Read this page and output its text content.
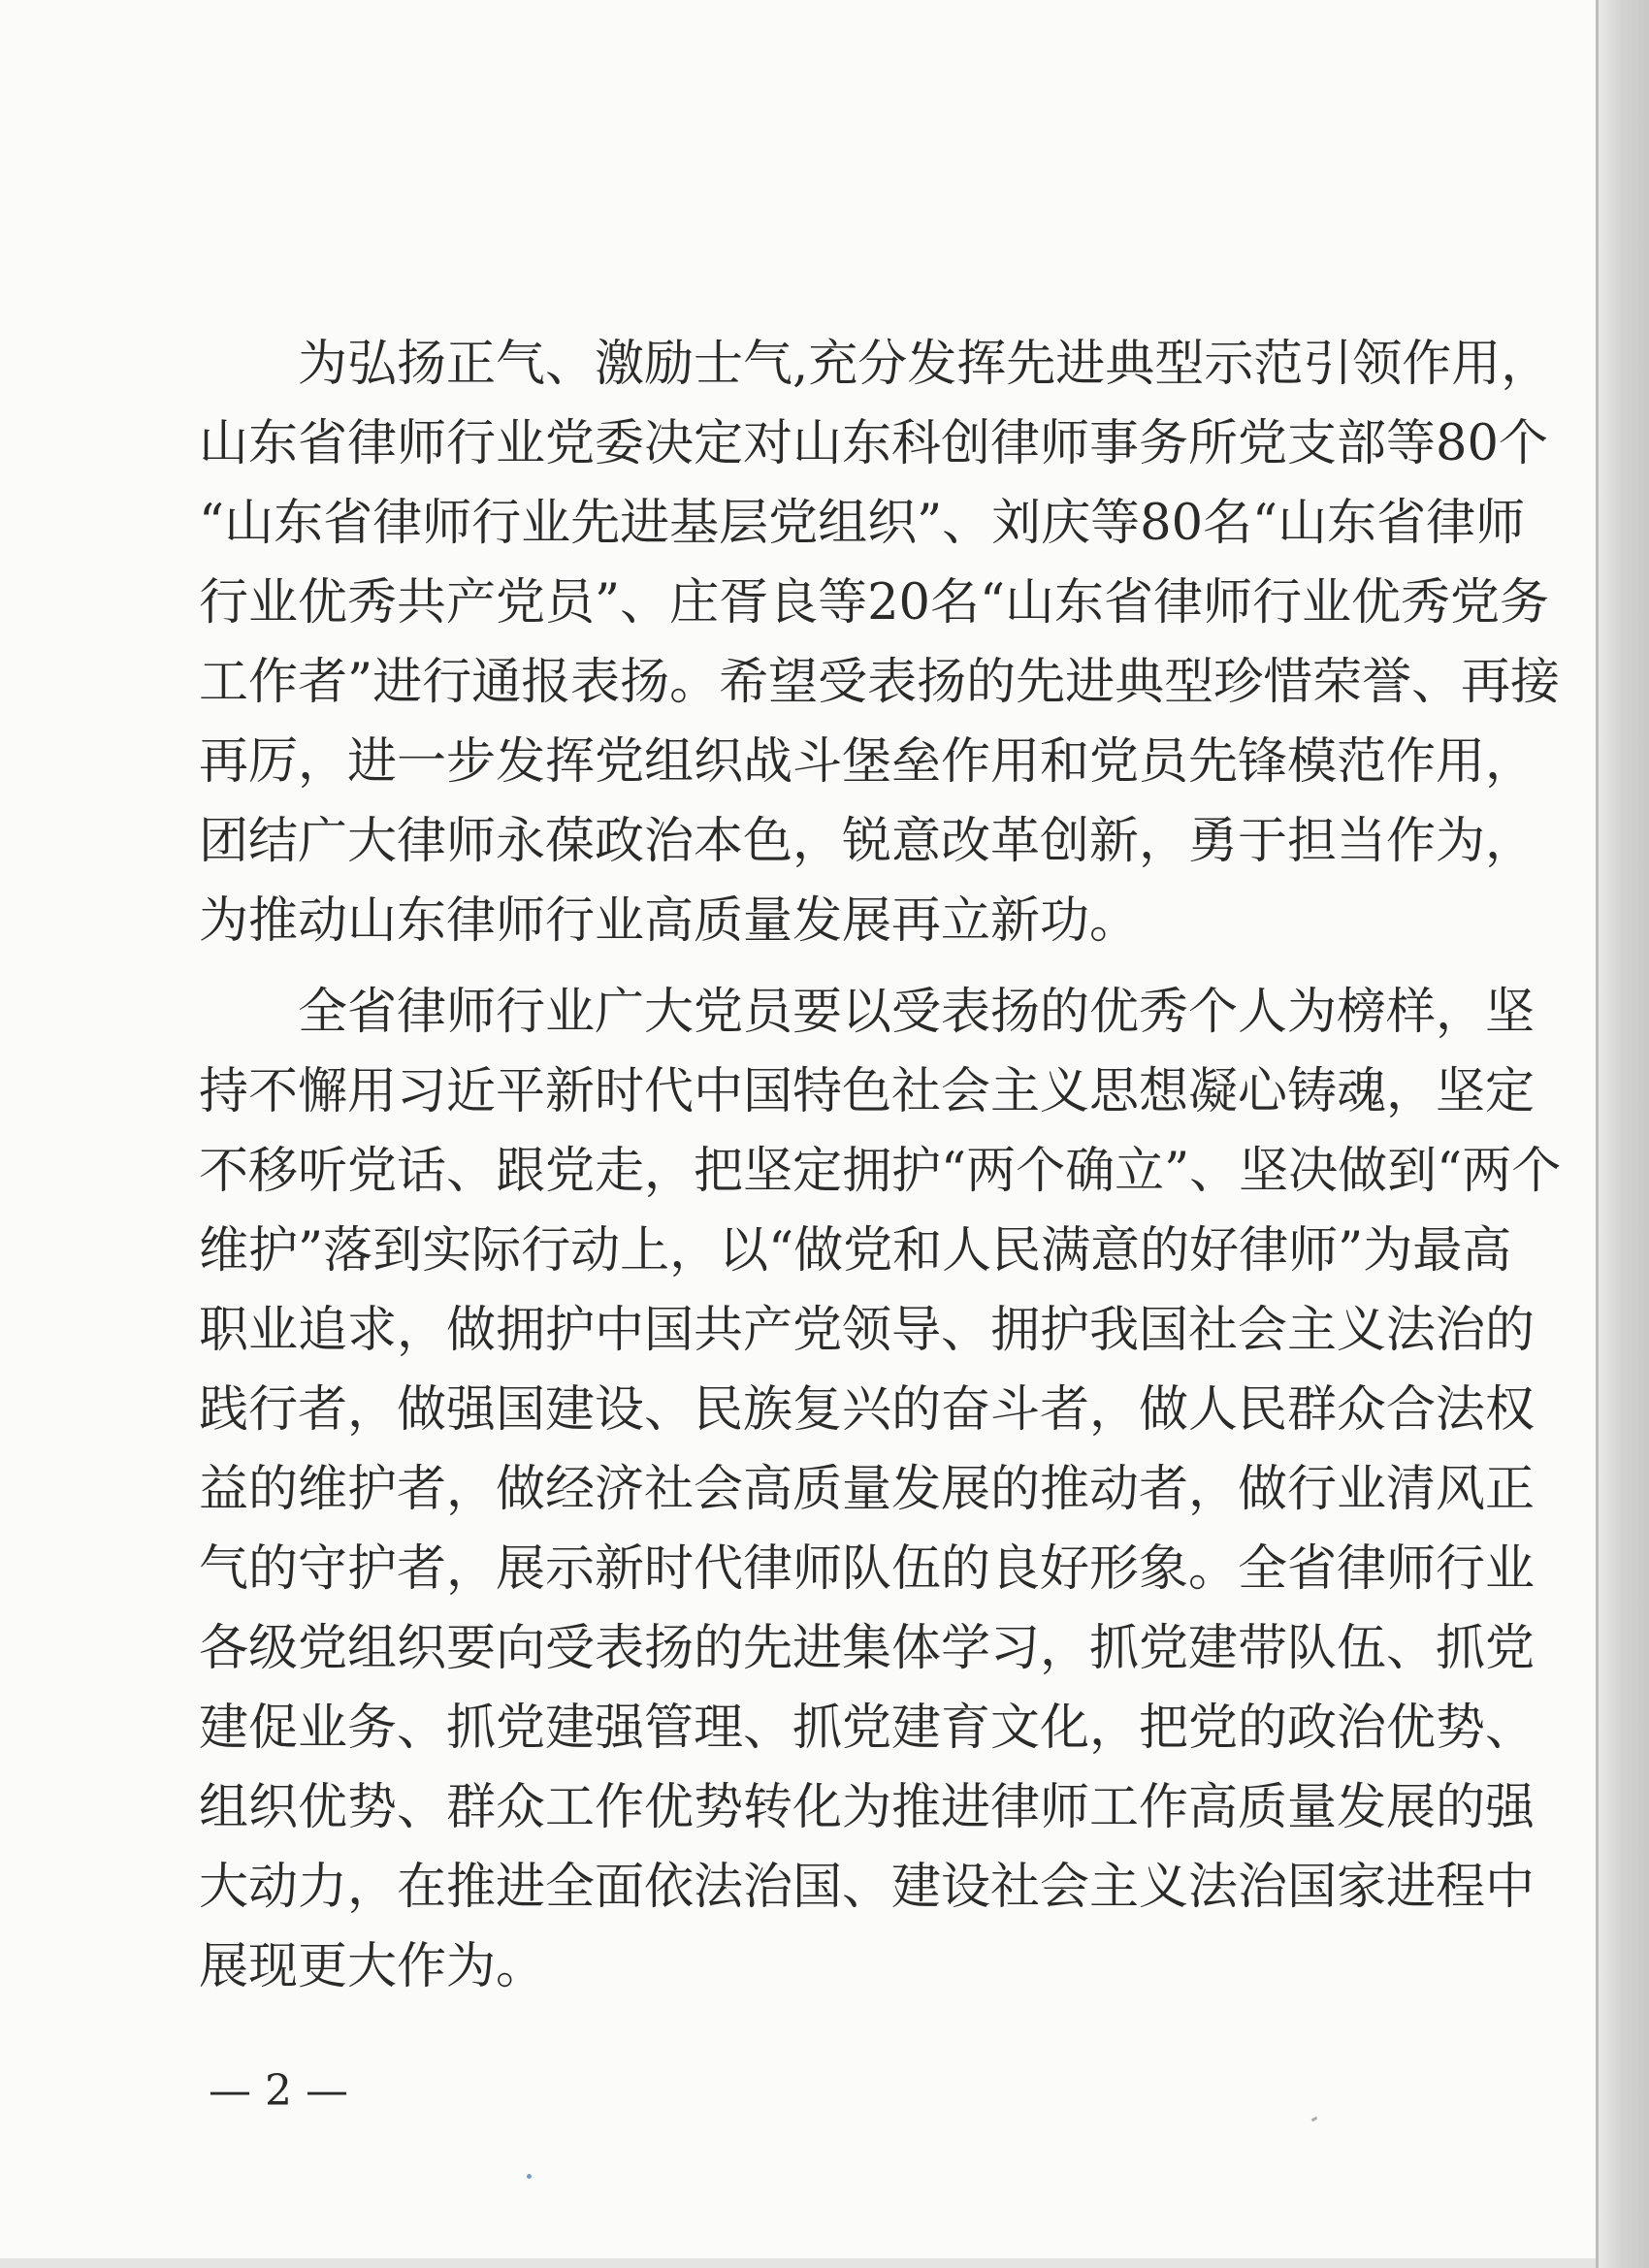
为弘扬正气、激励士气,充分发挥先进典型示范引领作用，
山东省律师行业党委决定对山东科创律师事务所党支部等80个
“山东省律师行业先进基层党组织”、刘庆等80名“山东省律师
行业优秀共产党员”、庄胥良等20名“山东省律师行业优秀党务
工作者”进行通报表扬。希望受表扬的先进典型珍惜荣誉、再接
再厉，进一步发挥党组织战斗堡垒作用和党员先锋模范作用，
团结广大律师永葆政治本色，锐意改革创新，勇于担当作为，
为推动山东律师行业高质量发展再立新功。
全省律师行业广大党员要以受表扬的优秀个人为榜样，坚
持不懈用习近平新时代中国特色社会主义思想凝心铸魂，坚定
不移听党话、跟党走，把坚定拥护“两个确立”、坚决做到“两个
维护”落到实际行动上，以“做党和人民满意的好律师”为最高
职业追求，做拥护中国共产党领导、拥护我国社会主义法治的
践行者，做强国建设、民族复兴的奋斗者，做人民群众合法权
益的维护者，做经济社会高质量发展的推动者，做行业清风正
气的守护者，展示新时代律师队伍的良好形象。全省律师行业
各级党组织要向受表扬的先进集体学习，抓党建带队伍、抓党
建促业务、抓党建强管理、抓党建育文化，把党的政治优势、
组织优势、群众工作优势转化为推进律师工作高质量发展的强
大动力，在推进全面依法治国、建设社会主义法治国家进程中
展现更大作为。
— 2 —
